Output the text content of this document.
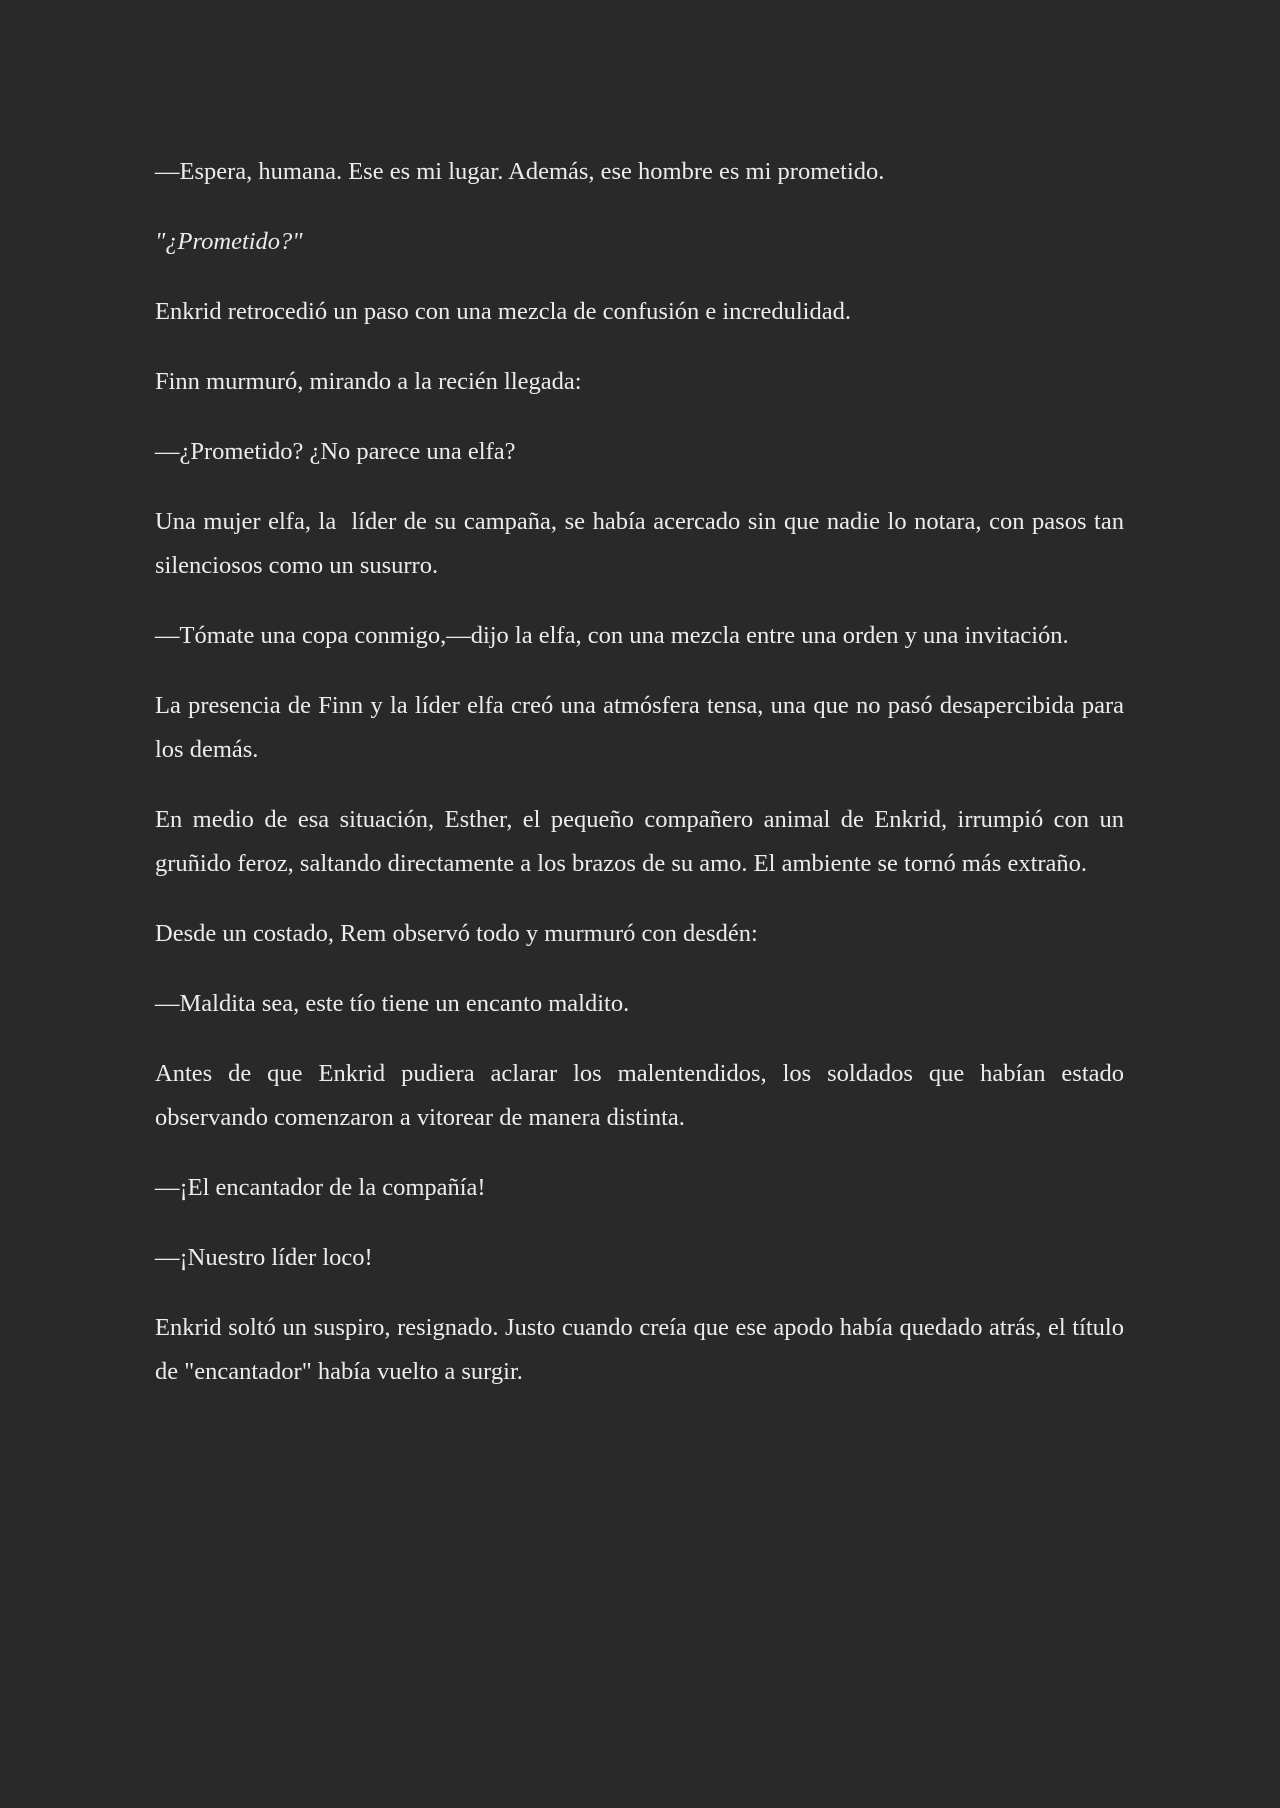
—Espera, humana. Ese es mi lugar. Además, ese hombre es mi prometido.

"¿Prometido?"

Enkrid retrocedió un paso con una mezcla de confusión e incredulidad.

Finn murmuró, mirando a la recién llegada:

—¿Prometido? ¿No parece una elfa?

Una mujer elfa, la  líder de su campaña, se había acercado sin que nadie lo notara, con pasos tan silenciosos como un susurro.

—Tómate una copa conmigo,—dijo la elfa, con una mezcla entre una orden y una invitación.

La presencia de Finn y la líder elfa creó una atmósfera tensa, una que no pasó desapercibida para los demás.

En medio de esa situación, Esther, el pequeño compañero animal de Enkrid, irrumpió con un gruñido feroz, saltando directamente a los brazos de su amo. El ambiente se tornó más extraño.

Desde un costado, Rem observó todo y murmuró con desdén:

—Maldita sea, este tío tiene un encanto maldito.

Antes de que Enkrid pudiera aclarar los malentendidos, los soldados que habían estado observando comenzaron a vitorear de manera distinta.

—¡El encantador de la compañía!

—¡Nuestro líder loco!

Enkrid soltó un suspiro, resignado. Justo cuando creía que ese apodo había quedado atrás, el título de "encantador" había vuelto a surgir.
